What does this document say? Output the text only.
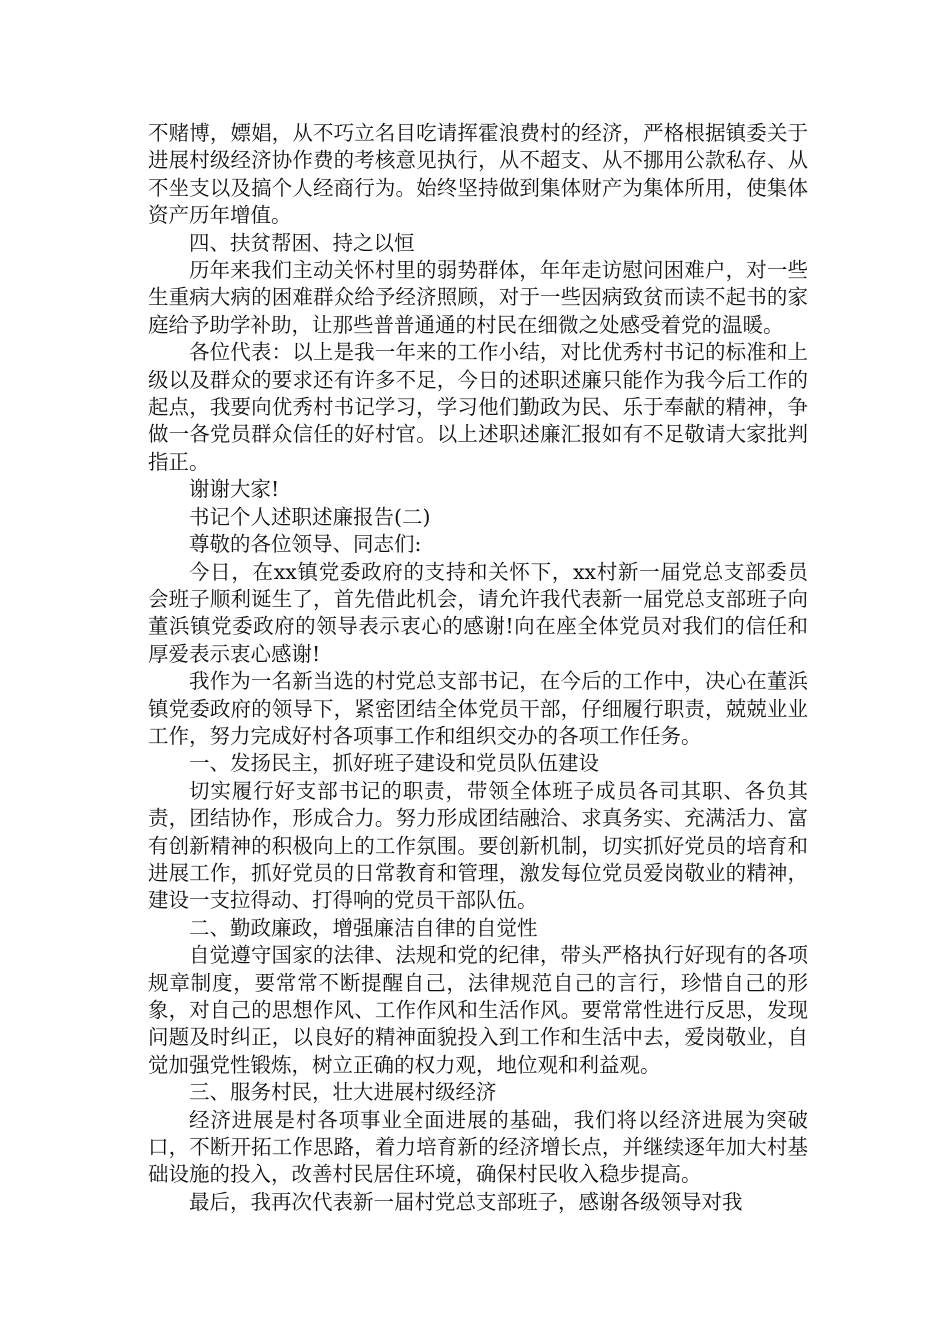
不赌博，嫖娼，从不巧立名目吃请挥霍浪费村的经济，严格根据镇委关于进展村级经济协作费的考核意见执行，从不超支、从不挪用公款私存、从不坐支以及搞个人经商行为。始终坚持做到集体财产为集体所用，使集体资产历年增值。

四、扶贫帮困、持之以恒

历年来我们主动关怀村里的弱势群体，年年走访慰问困难户，对一些生重病大病的困难群众给予经济照顾，对于一些因病致贫而读不起书的家庭给予助学补助，让那些普普通通的村民在细微之处感受着党的温暖。

各位代表：以上是我一年来的工作小结，对比优秀村书记的标准和上级以及群众的要求还有许多不足，今日的述职述廉只能作为我今后工作的起点，我要向优秀村书记学习，学习他们勤政为民、乐于奉献的精神，争做一各党员群众信任的好村官。以上述职述廉汇报如有不足敬请大家批判指正。

谢谢大家!

书记个人述职述廉报告(二)

尊敬的各位领导、同志们:

今日，在xx镇党委政府的支持和关怀下，xx村新一届党总支部委员会班子顺利诞生了，首先借此机会，请允许我代表新一届党总支部班子向董浜镇党委政府的领导表示衷心的感谢!向在座全体党员对我们的信任和厚爱表示衷心感谢!

我作为一名新当选的村党总支部书记，在今后的工作中，决心在董浜镇党委政府的领导下，紧密团结全体党员干部，仔细履行职责，兢兢业业工作，努力完成好村各项事工作和组织交办的各项工作任务。

一、发扬民主，抓好班子建设和党员队伍建设

切实履行好支部书记的职责，带领全体班子成员各司其职、各负其责，团结协作，形成合力。努力形成团结融洽、求真务实、充满活力、富有创新精神的积极向上的工作氛围。要创新机制，切实抓好党员的培育和进展工作，抓好党员的日常教育和管理，激发每位党员爱岗敬业的精神，建设一支拉得动、打得响的党员干部队伍。

二、勤政廉政，增强廉洁自律的自觉性

自觉遵守国家的法律、法规和党的纪律，带头严格执行好现有的各项规章制度，要常常不断提醒自己，法律规范自己的言行，珍惜自己的形象，对自己的思想作风、工作作风和生活作风。要常常性进行反思，发现问题及时纠正，以良好的精神面貌投入到工作和生活中去，爱岗敬业，自觉加强党性锻炼，树立正确的权力观，地位观和利益观。

三、服务村民，壮大进展村级经济

经济进展是村各项事业全面进展的基础，我们将以经济进展为突破口，不断开拓工作思路，着力培育新的经济增长点，并继续逐年加大村基础设施的投入，改善村民居住环境，确保村民收入稳步提高。

最后，我再次代表新一届村党总支部班子，感谢各级领导对我
